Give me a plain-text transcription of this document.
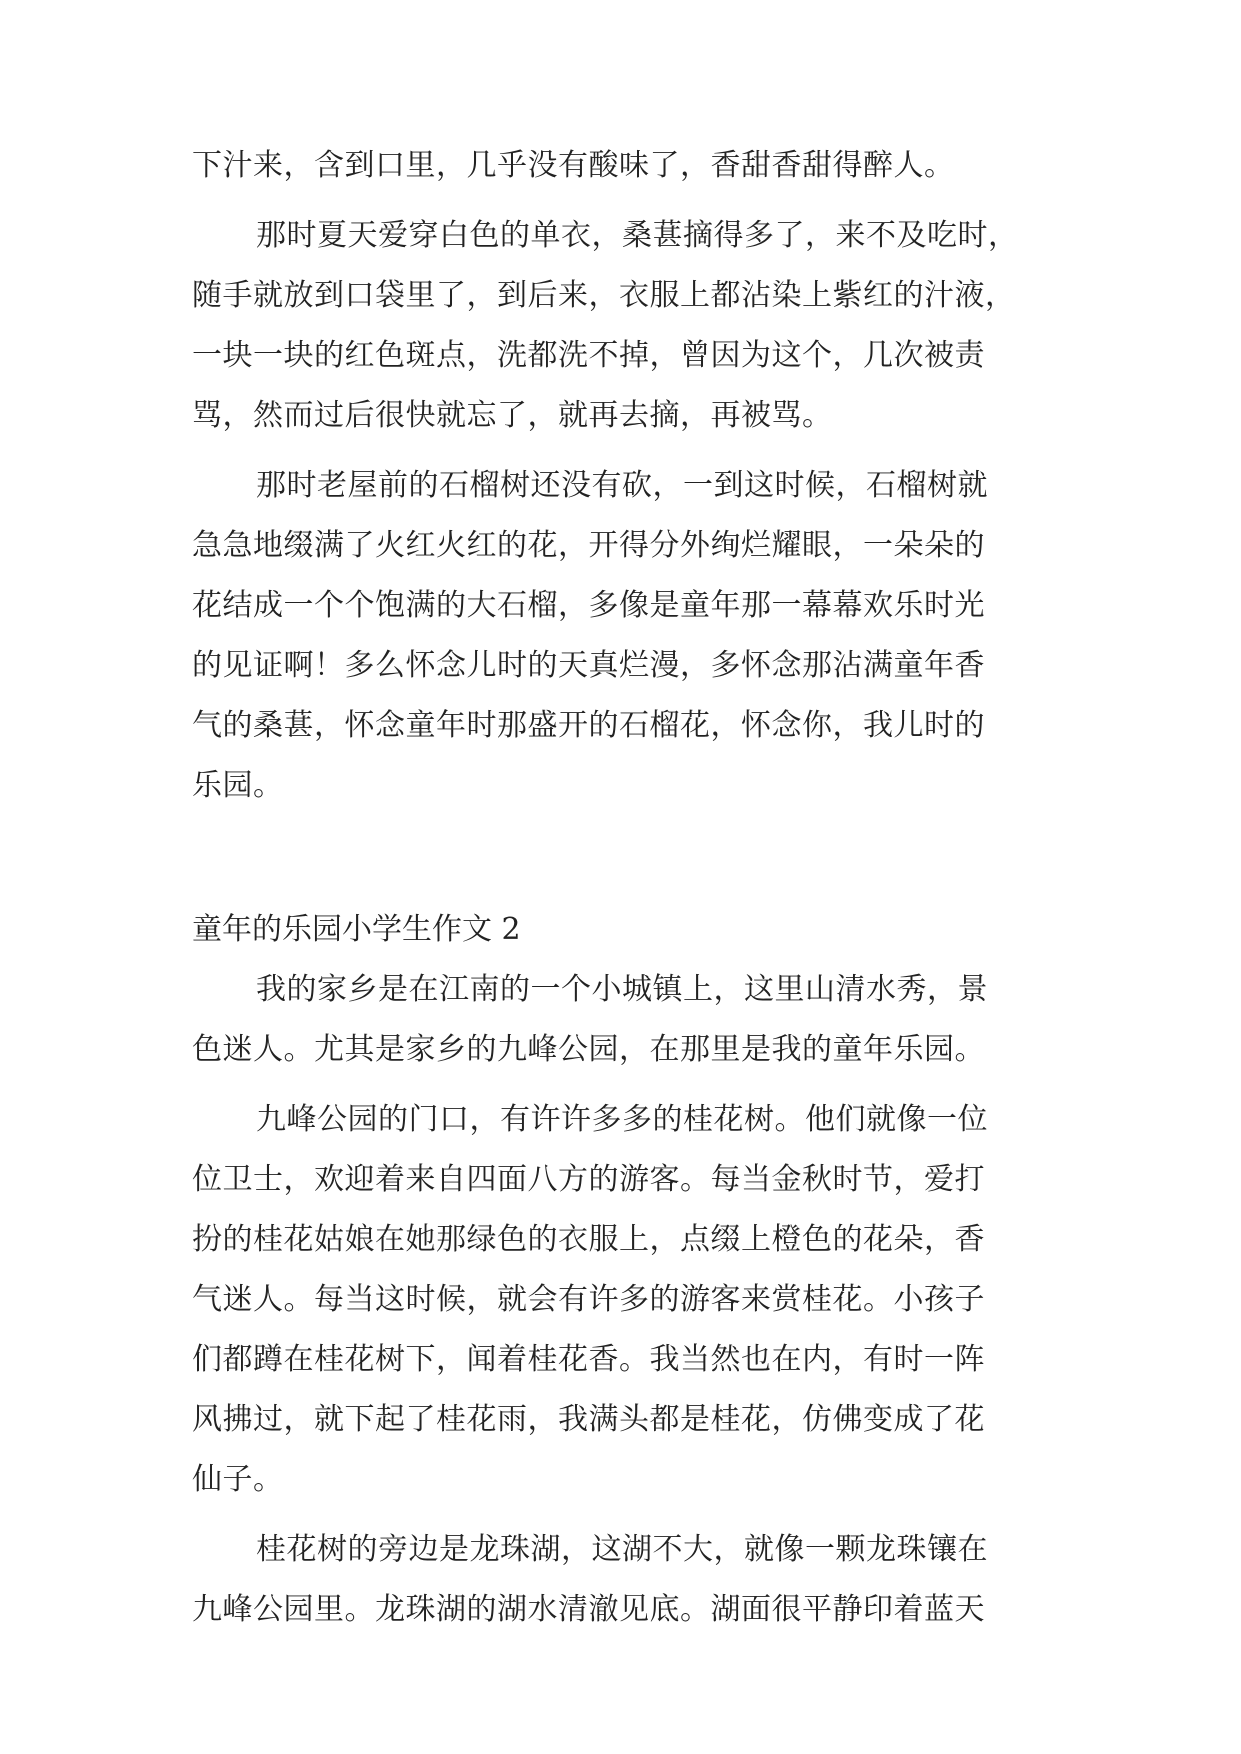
下汁来，含到口里，几乎没有酸味了，香甜香甜得醉人。
那时夏天爱穿白色的单衣，桑葚摘得多了，来不及吃时，
随手就放到口袋里了，到后来，衣服上都沾染上紫红的汁液，
一块一块的红色斑点，洗都洗不掉，曾因为这个，几次被责
骂，然而过后很快就忘了，就再去摘，再被骂。
那时老屋前的石榴树还没有砍，一到这时候，石榴树就
急急地缀满了火红火红的花，开得分外绚烂耀眼，一朵朵的
花结成一个个饱满的大石榴，多像是童年那一幕幕欢乐时光
的见证啊！多么怀念儿时的天真烂漫，多怀念那沾满童年香
气的桑葚，怀念童年时那盛开的石榴花，怀念你，我儿时的
乐园。
童年的乐园小学生作文 2
我的家乡是在江南的一个小城镇上，这里山清水秀，景
色迷人。尤其是家乡的九峰公园，在那里是我的童年乐园。
九峰公园的门口，有许许多多的桂花树。他们就像一位
位卫士，欢迎着来自四面八方的游客。每当金秋时节，爱打
扮的桂花姑娘在她那绿色的衣服上，点缀上橙色的花朵，香
气迷人。每当这时候，就会有许多的游客来赏桂花。小孩子
们都蹲在桂花树下，闻着桂花香。我当然也在内，有时一阵
风拂过，就下起了桂花雨，我满头都是桂花，仿佛变成了花
仙子。
桂花树的旁边是龙珠湖，这湖不大，就像一颗龙珠镶在
九峰公园里。龙珠湖的湖水清澈见底。湖面很平静印着蓝天
